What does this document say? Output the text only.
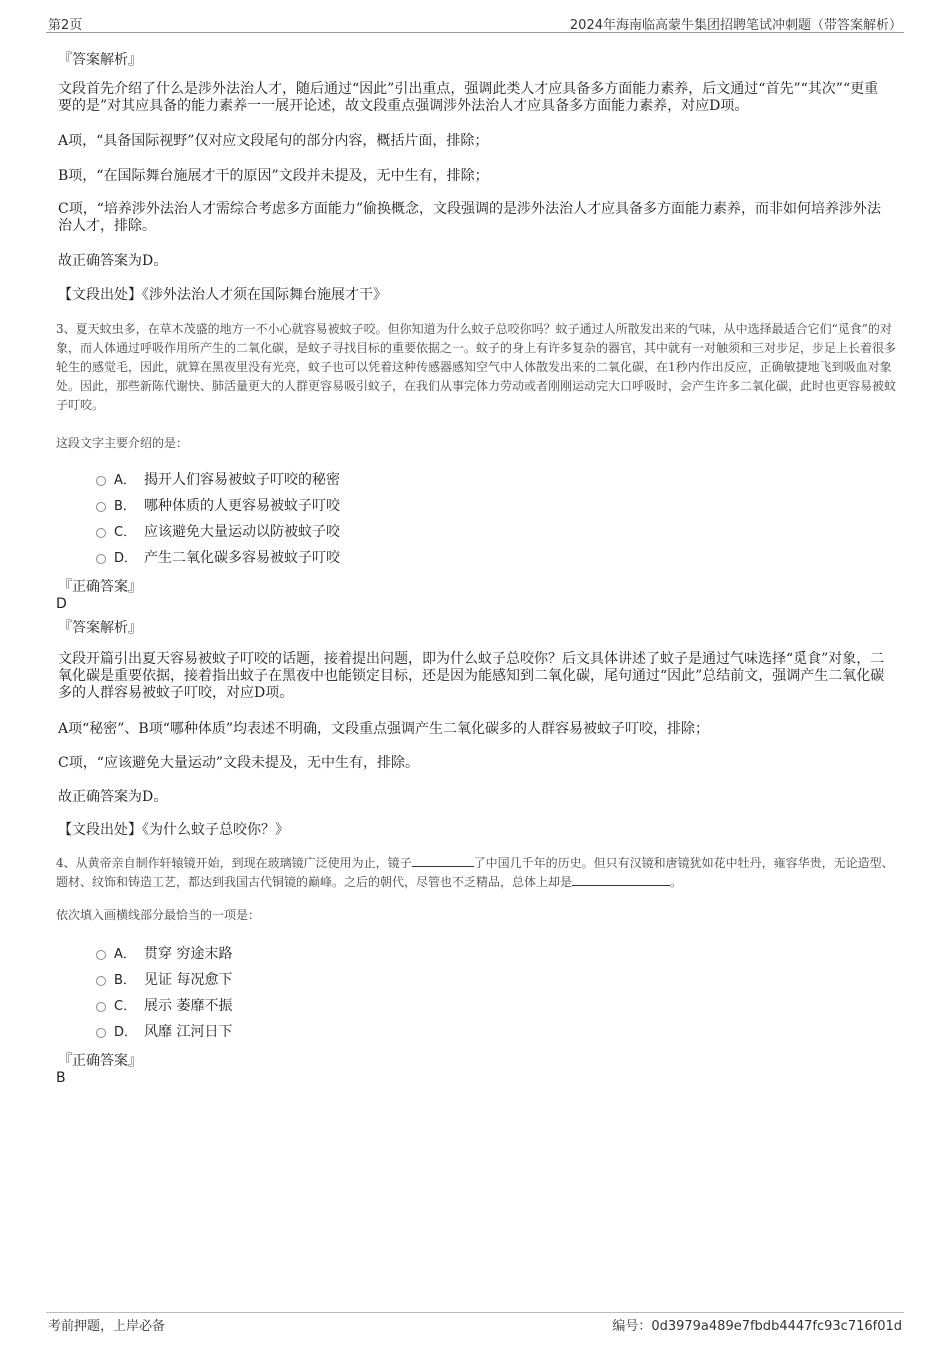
第2页	2024年海南临高蒙牛集团招聘笔试冲刺题（带答案解析）

『答案解析』

文段首先介绍了什么是涉外法治人才，随后通过“因此”引出重点，强调此类人才应具备多方面能力素养，后文通过“首先”“其次”“更重要的是”对其应具备的能力素养一一展开论述，故文段重点强调涉外法治人才应具备多方面能力素养，对应D项。

A项，“具备国际视野”仅对应文段尾句的部分内容，概括片面，排除；

B项，“在国际舞台施展才干的原因”文段并未提及，无中生有，排除；

C项，“培养涉外法治人才需综合考虑多方面能力”偷换概念，文段强调的是涉外法治人才应具备多方面能力素养，而非如何培养涉外法治人才，排除。

故正确答案为D。

【文段出处】《涉外法治人才须在国际舞台施展才干》

3、夏天蚊虫多，在草木茂盛的地方一不小心就容易被蚊子咬。但你知道为什么蚊子总咬你吗？蚊子通过人所散发出来的气味，从中选择最适合它们“觅食”的对象，而人体通过呼吸作用所产生的二氧化碳，是蚊子寻找目标的重要依据之一。蚊子的身上有许多复杂的器官，其中就有一对触须和三对步足，步足上长着很多轮生的感觉毛，因此，就算在黑夜里没有光亮，蚊子也可以凭着这种传感器感知空气中人体散发出来的二氧化碳，在1秒内作出反应，正确敏捷地飞到吸血对象处。因此，那些新陈代谢快、肺活量更大的人群更容易吸引蚊子，在我们从事完体力劳动或者刚刚运动完大口呼吸时，会产生许多二氧化碳，此时也更容易被蚊子叮咬。

这段文字主要介绍的是：

A． 揭开人们容易被蚊子叮咬的秘密
B． 哪种体质的人更容易被蚊子叮咬
C． 应该避免大量运动以防被蚊子咬
D． 产生二氧化碳多容易被蚊子叮咬

『正确答案』

D

『答案解析』

文段开篇引出夏天容易被蚊子叮咬的话题，接着提出问题，即为什么蚊子总咬你？后文具体讲述了蚊子是通过气味选择“觅食”对象，二氧化碳是重要依据，接着指出蚊子在黑夜中也能锁定目标，还是因为能感知到二氧化碳，尾句通过“因此”总结前文，强调产生二氧化碳多的人群容易被蚊子叮咬，对应D项。

A项“秘密”、B项“哪种体质”均表述不明确，文段重点强调产生二氧化碳多的人群容易被蚊子叮咬，排除；

C项，“应该避免大量运动”文段未提及，无中生有，排除。

故正确答案为D。

【文段出处】《为什么蚊子总咬你？》

4、从黄帝亲自制作轩辕镜开始，到现在玻璃镜广泛使用为止，镜子	了中国几千年的历史。但只有汉镜和唐镜犹如花中牡丹，雍容华贵，无论造型、题材、纹饰和铸造工艺，都达到我国古代铜镜的巅峰。之后的朝代，尽管也不乏精品，总体上却是	。

依次填入画横线部分最恰当的一项是：

A． 贯穿 穷途末路
B． 见证 每况愈下
C． 展示 萎靡不振
D． 风靡 江河日下

『正确答案』

B

考前押题，上岸必备	编号：0d3979a489e7fbdb4447fc93c716f01d
